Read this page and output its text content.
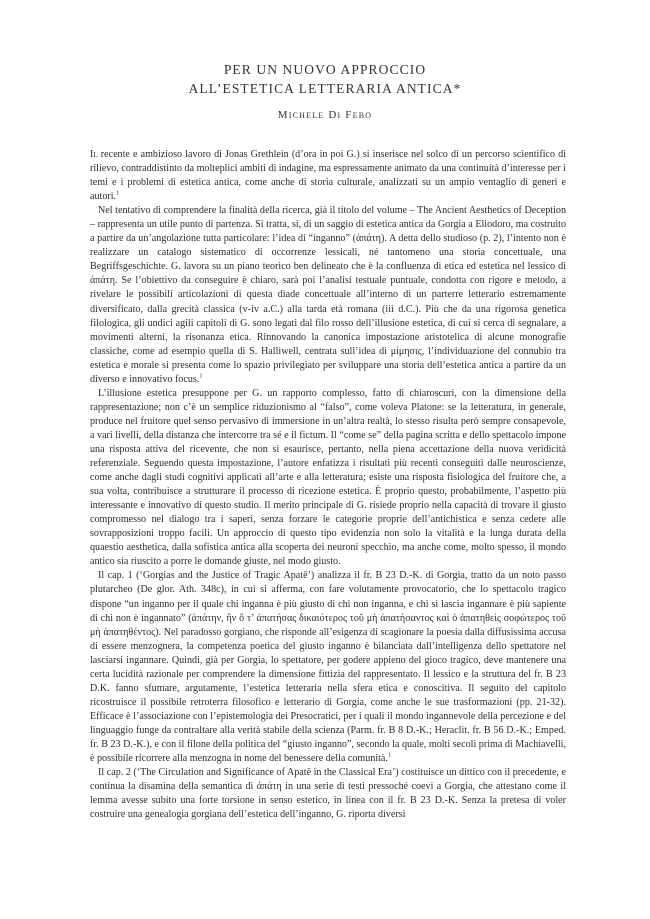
PER UN NUOVO APPROCCIO
ALL’ESTETICA LETTERARIA ANTICA*
Michele Di Febo

Il recente e ambizioso lavoro di Jonas Grethlein (d’ora in poi G.) si inserisce nel solco di un percorso scientifico di rilievo, contraddistinto da molteplici ambiti di indagine, ma espressamente animato da una continuità d’interesse per i temi e i problemi di estetica antica, come anche di storia culturale, analizzati su un ampio ventaglio di generi e autori.$^1$

Nel tentativo di comprendere la finalità della ricerca, già il titolo del volume – The Ancient Aesthetics of Deception – rappresenta un utile punto di partenza. Si tratta, sì, di un saggio di estetica antica da Gorgia a Eliodoro, ma costruito a partire da un’angolazione tutta particolare: l’idea di “inganno” (ἀπάτη). A detta dello studioso (p. 2), l’intento non è realizzare un catalogo sistematico di occorrenze lessicali, né tantomeno una storia concettuale, una Begriffsgeschichte. G. lavora su un piano teorico ben delineato che è la confluenza di etica ed estetica nel lessico di ἀπάτη. Se l’obiettivo da conseguire è chiaro, sarà poi l’analisi testuale puntuale, condotta con rigore e metodo, a rivelare le possibili articolazioni di questa diade concettuale all’interno di un parterre letterario estremamente diversificato, dalla grecità classica (v-iv a.C.) alla tarda età romana (iii d.C.). Più che da una rigorosa genetica filologica, gli undici agili capitoli di G. sono legati dal filo rosso dell’illusione estetica, di cui si cerca di segnalare, a movimenti alterni, la risonanza etica. Rinnovando la canonica impostazione aristotelica di alcune monografie classiche, come ad esempio quella di S. Halliwell, centrata sull’idea di μίμησις, l’individuazione del connubio tra estetica e morale si presenta come lo spazio privilegiato per sviluppare una storia dell’estetica antica a partire da un diverso e innovativo focus.$^1$

L’illusione estetica presuppone per G. un rapporto complesso, fatto di chiaroscuri, con la dimensione della rappresentazione; non c’è un semplice riduzionismo al “falso”, come voleva Platone: se la letteratura, in generale, produce nel fruitore quel senso pervasivo di immersione in un’altra realtà, lo stesso risulta però sempre consapevole, a vari livelli, della distanza che intercorre tra sé e il fictum. Il “come se” della pagina scritta e dello spettacolo impone una risposta attiva del ricevente, che non si esaurisce, pertanto, nella piena accettazione della nuova veridicità referenziale. Seguendo questa impostazione, l’autore enfatizza i risultati più recenti conseguiti dalle neuroscienze, come anche dagli studi cognitivi applicati all’arte e alla letteratura; esiste una risposta fisiologica del fruitore che, a sua volta, contribuisce a strutturare il processo di ricezione estetica. È proprio questo, probabilmente, l’aspetto più interessante e innovativo di questo studio. Il merito principale di G. risiede proprio nella capacità di trovare il giusto compromesso nel dialogo tra i saperi, senza forzare le categorie proprie dell’antichistica e senza cedere alle sovrapposizioni troppo facili. Un approccio di questo tipo evidenzia non solo la vitalità e la lunga durata della quaestio aesthetica, dalla sofistica antica alla scoperta dei neuroni specchio, ma anche come, molto spesso, il mondo antico sia riuscito a porre le domande giuste, nel modo giusto.

Il cap. 1 (‘Gorgias and the Justice of Tragic Apatē’) analizza il fr. B 23 D.-K. di Gorgia, tratto da un noto passo plutarcheo (De glor. Ath. 348c), in cui si afferma, con fare volutamente provocatorio, che lo spettacolo tragico dispone “un inganno per il quale chi inganna è più giusto di chi non inganna, e chi si lascia ingannare è più sapiente di chi non è ingannato” (ἀπάτην, ἣν ὅ τ’ ἀπατήσας δικαιότερος τοῦ μὴ ἀπατήσαντος καὶ ὁ ἀπατηθεὶς σοφώτερος τοῦ μὴ ἀπατηθέντος). Nel paradosso gorgiano, che risponde all’esigenza di scagionare la poesia dalla diffusissima accusa di essere menzognera, la competenza poetica del giusto inganno è bilanciata dall’intelligenza dello spettatore nel lasciarsi ingannare. Quindi, già per Gorgia, lo spettatore, per godere appieno del gioco tragico, deve mantenere una certa lucidità razionale per comprendere la dimensione fittizia del rappresentato. Il lessico e la struttura del fr. B 23 D.K. fanno sfumare, argutamente, l’estetica letteraria nella sfera etica e conoscitiva. Il seguito del capitolo ricostruisce il possibile retroterra filosofico e letterario di Gorgia, come anche le sue trasformazioni (pp. 21-32). Efficace è l’associazione con l’epistemologia dei Presocratici, per i quali il mondo ingannevole della percezione e del linguaggio funge da contraltare alla verità stabile della scienza (Parm. fr. B 8 D.-K.; Heraclit. fr. B 56 D.-K.; Emped. fr. B 23 D.-K.), e con il filone della politica del “giusto inganno”, secondo la quale, molti secoli prima di Machiavelli, è possibile ricorrere alla menzogna in nome del benessere della comunità.$^1$

Il cap. 2 (‘The Circulation and Significance of Apatē in the Classical Era’) costituisce un dittico con il precedente, e continua la disamina della semantica di ἀπάτη in una serie di testi pressoché coevi a Gorgia, che attestano come il lemma avesse subito una forte torsione in senso estetico, in linea con il fr. B 23 D.-K. Senza la pretesa di voler costruire una genealogia gorgiana dell’estetica dell’inganno, G. riporta diversi
